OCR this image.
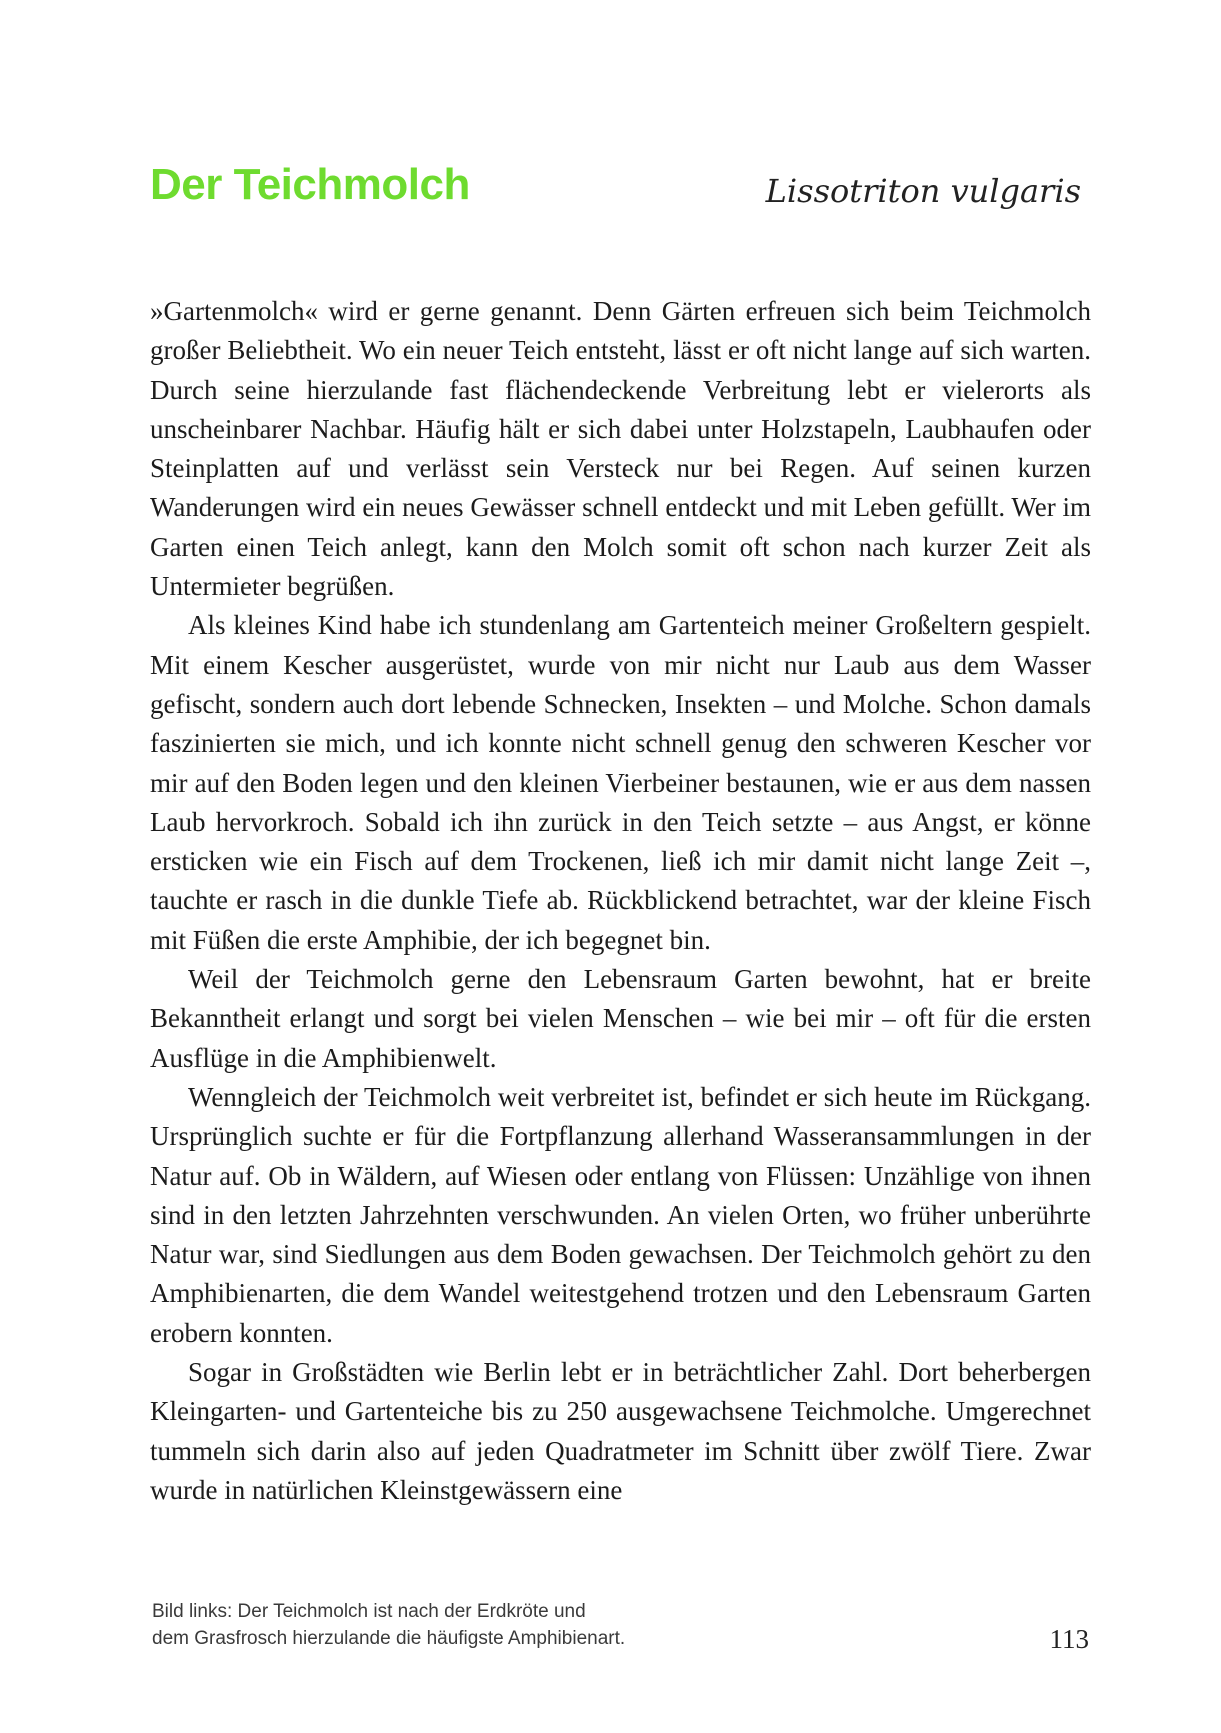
Der Teichmolch	Lissotriton vulgaris

»Gartenmolch« wird er gerne genannt. Denn Gärten erfreuen sich beim Teichmolch großer Beliebtheit. Wo ein neuer Teich entsteht, lässt er oft nicht lange auf sich warten. Durch seine hierzulande fast flächendeckende Verbreitung lebt er vielerorts als unscheinbarer Nachbar. Häufig hält er sich dabei unter Holzstapeln, Laubhaufen oder Steinplatten auf und verlässt sein Versteck nur bei Regen. Auf seinen kurzen Wanderungen wird ein neues Gewässer schnell entdeckt und mit Leben gefüllt. Wer im Garten einen Teich anlegt, kann den Molch somit oft schon nach kurzer Zeit als Untermieter begrüßen.

Als kleines Kind habe ich stundenlang am Gartenteich meiner Großeltern gespielt. Mit einem Kescher ausgerüstet, wurde von mir nicht nur Laub aus dem Wasser gefischt, sondern auch dort lebende Schnecken, Insekten – und Molche. Schon damals faszinierten sie mich, und ich konnte nicht schnell genug den schweren Kescher vor mir auf den Boden legen und den kleinen Vierbeiner bestaunen, wie er aus dem nassen Laub hervorkroch. Sobald ich ihn zurück in den Teich setzte – aus Angst, er könne ersticken wie ein Fisch auf dem Trockenen, ließ ich mir damit nicht lange Zeit –, tauchte er rasch in die dunkle Tiefe ab. Rückblickend betrachtet, war der kleine Fisch mit Füßen die erste Amphibie, der ich begegnet bin.

Weil der Teichmolch gerne den Lebensraum Garten bewohnt, hat er breite Bekanntheit erlangt und sorgt bei vielen Menschen – wie bei mir – oft für die ersten Ausflüge in die Amphibienwelt.

Wenngleich der Teichmolch weit verbreitet ist, befindet er sich heute im Rückgang. Ursprünglich suchte er für die Fortpflanzung allerhand Wasseransammlungen in der Natur auf. Ob in Wäldern, auf Wiesen oder entlang von Flüssen: Unzählige von ihnen sind in den letzten Jahrzehnten verschwunden. An vielen Orten, wo früher unberührte Natur war, sind Siedlungen aus dem Boden gewachsen. Der Teichmolch gehört zu den Amphibienarten, die dem Wandel weitestgehend trotzen und den Lebensraum Garten erobern konnten.

Sogar in Großstädten wie Berlin lebt er in beträchtlicher Zahl. Dort beherbergen Kleingarten- und Gartenteiche bis zu 250 ausgewachsene Teichmolche. Umgerechnet tummeln sich darin also auf jeden Quadratmeter im Schnitt über zwölf Tiere. Zwar wurde in natürlichen Kleinstgewässern eine

Bild links: Der Teichmolch ist nach der Erdkröte und
dem Grasfrosch hierzulande die häufigste Amphibienart.	113
